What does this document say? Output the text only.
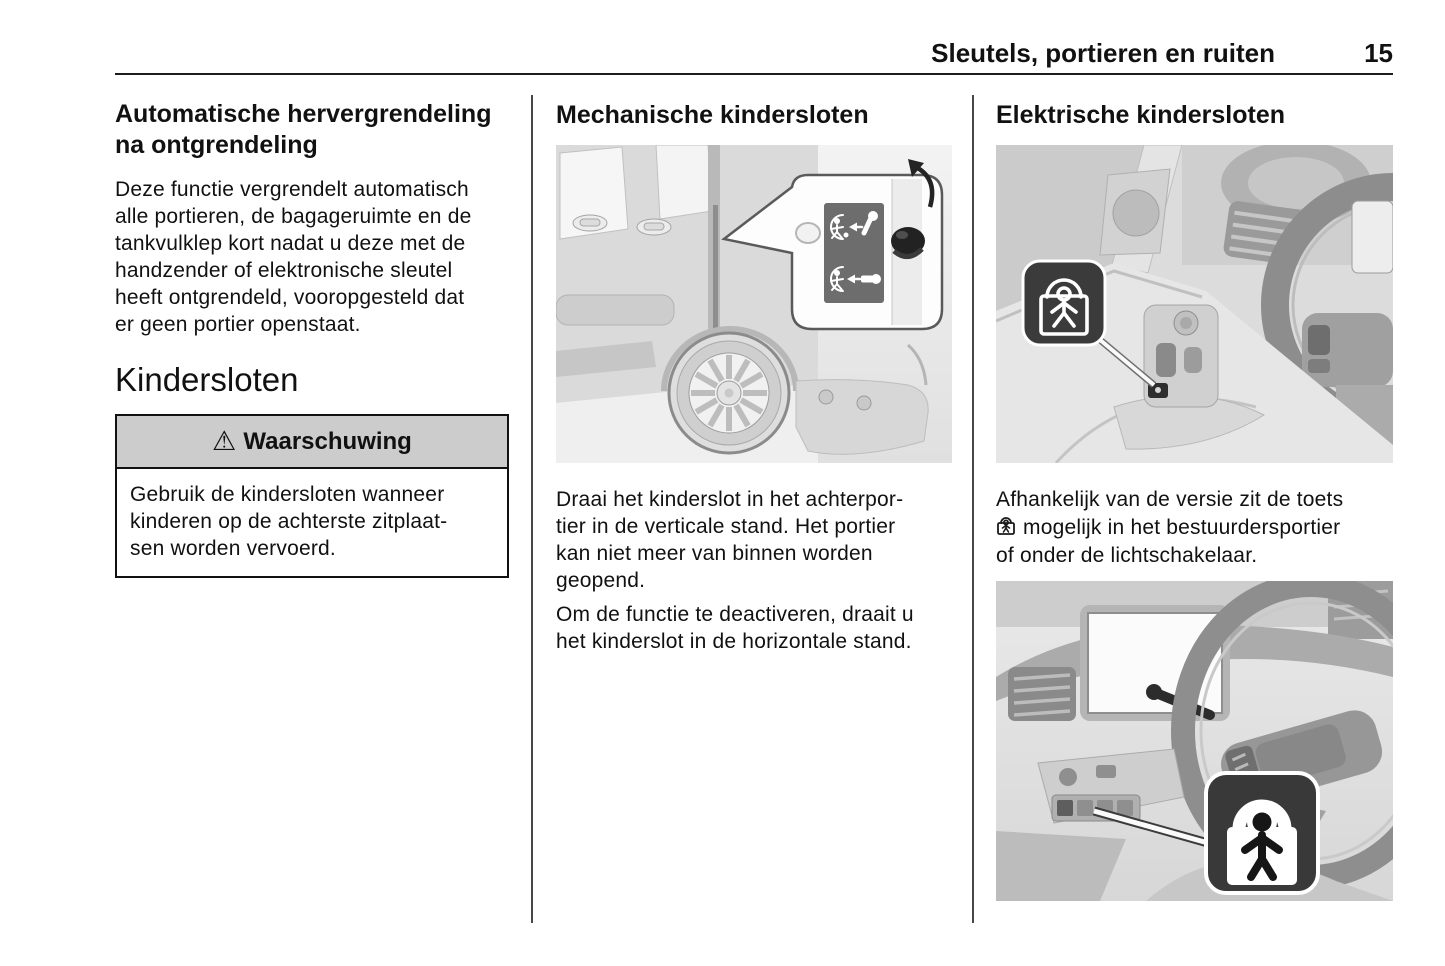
Sleutels, portieren en ruiten	15
Automatische hervergrendeling
na ontgrendeling
Deze functie vergrendelt automatisch
alle portieren, de bagageruimte en de
tankvulklep kort nadat u deze met de
handzender of elektronische sleutel
heeft ontgrendeld, vooropgesteld dat
er geen portier openstaat.
Kindersloten
⚠ Waarschuwing
Gebruik de kindersloten wanneer
kinderen op de achterste zitplaat-
sen worden vervoerd.
Mechanische kindersloten
Draai het kinderslot in het achterpor-
tier in de verticale stand. Het portier
kan niet meer van binnen worden
geopend.
Om de functie te deactiveren, draait u
het kinderslot in de horizontale stand.
Elektrische kindersloten
Afhankelijk van de versie zit de toets
mogelijk in het bestuurdersportier
of onder de lichtschakelaar.
